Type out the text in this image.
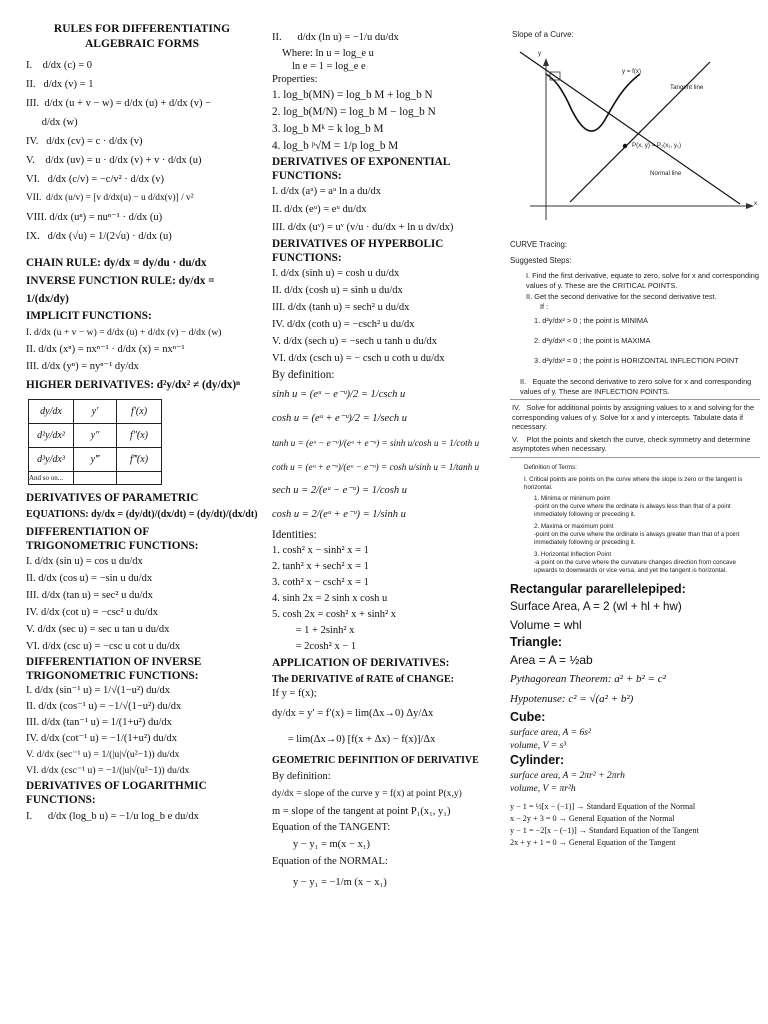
RULES FOR DIFFERENTIATING
ALGEBRAIC FORMS
I.    d/dx (c) = 0
II.   d/dx (v) = 1
III.  d/dx (u + v − w) = d/dx (u) + d/dx (v) −
d/dx (w)
IV.   d/dx (cv) = c · d/dx (v)
V.    d/dx (uv) = u · d/dx (v) + v · d/dx (u)
VI.   d/dx (c/v) = −c/v² · d/dx (v)
VII.  d/dx (u/v) = [v d/dx(u) − u d/dx(v)] / v²
VIII. d/dx (uⁿ) = nuⁿ⁻¹ · d/dx (u)
IX.   d/dx (√u) = 1/(2√u) · d/dx (u)
CHAIN RULE: dy/dx = dy/du · du/dx
INVERSE FUNCTION RULE: dy/dx = 1/(dx/dy)
IMPLICIT FUNCTIONS:
I. d/dx (u + v − w) = d/dx (u) + d/dx (v) − d/dx (w)
II. d/dx (xⁿ) = nxⁿ⁻¹ · d/dx (x) = nxⁿ⁻¹
III. d/dx (yⁿ) = nyⁿ⁻¹ dy/dx
HIGHER DERIVATIVES: d²y/dx² ≠ (dy/dx)ⁿ
dy/dx	y′	f′(x)
d²y/dx²	y″	f″(x)
d³y/dx³	y‴	f‴(x)
And so on...		
DERIVATIVES OF PARAMETRIC
EQUATIONS: dy/dx = (dy/dt)/(dx/dt) = (dy/dt)/(dx/dt)
DIFFERENTIATION OF
TRIGONOMETRIC FUNCTIONS:
I. d/dx (sin u) = cos u du/dx
II. d/dx (cos u) = −sin u du/dx
III. d/dx (tan u) = sec² u du/dx
IV. d/dx (cot u) = −csc² u du/dx
V. d/dx (sec u) = sec u tan u du/dx
VI. d/dx (csc u) = −csc u cot u du/dx
DIFFERENTIATION OF INVERSE
TRIGONOMETRIC FUNCTIONS:
I. d/dx (sin⁻¹ u) = 1/√(1−u²) du/dx
II. d/dx (cos⁻¹ u) = −1/√(1−u²) du/dx
III. d/dx (tan⁻¹ u) = 1/(1+u²) du/dx
IV. d/dx (cot⁻¹ u) = −1/(1+u²) du/dx
V. d/dx (sec⁻¹ u) = 1/(|u|√(u²−1)) du/dx
VI. d/dx (csc⁻¹ u) = −1/(|u|√(u²−1)) du/dx
DERIVATIVES OF LOGARITHMIC
FUNCTIONS:
I.      d/dx (log_b u) = −1/u log_b e du/dx
II.      d/dx (ln u) = −1/u du/dx
Where: ln u = log_e u
ln e = 1 = log_e e
Properties:
1. log_b(MN) = log_b M + log_b N
2. log_b(M/N) = log_b M − log_b N
3. log_b Mᵏ = k log_b M
4. log_b ᵖ√M = 1/p log_b M
DERIVATIVES OF EXPONENTIAL
FUNCTIONS:
I. d/dx (aᵘ) = aᵘ ln a du/dx
II. d/dx (eᵘ) = eᵘ du/dx
III. d/dx (uᵛ) = uᵛ (v/u · du/dx + ln u dv/dx)
DERIVATIVES OF HYPERBOLIC
FUNCTIONS:
I. d/dx (sinh u) = cosh u du/dx
II. d/dx (cosh u) = sinh u du/dx
III. d/dx (tanh u) = sech² u du/dx
IV. d/dx (coth u) = −csch² u du/dx
V. d/dx (sech u) = −sech u tanh u du/dx
VI. d/dx (csch u) = − csch u coth u du/dx
By definition:
sinh u = (eᵘ − e⁻ᵘ)/2 = 1/csch u
cosh u = (eᵘ + e⁻ᵘ)/2 = 1/sech u
tanh u = (eᵘ − e⁻ᵘ)/(eᵘ + e⁻ᵘ) = sinh u/cosh u = 1/coth u
coth u = (eᵘ + e⁻ᵘ)/(eᵘ − e⁻ᵘ) = cosh u/sinh u = 1/tanh u
sech u = 2/(eᵘ − e⁻ᵘ) = 1/cosh u
cosh u = 2/(eᵘ + e⁻ᵘ) = 1/sinh u
Identities:
1. cosh² x − sinh² x = 1
2. tanh² x + sech² x = 1
3. coth² x − csch² x = 1
4. sinh 2x = 2 sinh x cosh u
5. cosh 2x = cosh² x + sinh² x
= 1 + 2sinh² x
= 2cosh² x − 1
APPLICATION OF DERIVATIVES:
The DERIVATIVE of RATE of CHANGE:
If y = f(x);
dy/dx = y′ = f′(x) = lim(Δx→0) Δy/Δx
= lim(Δx→0) [f(x + Δx) − f(x)]/Δx
GEOMETRIC DEFINITION OF DERIVATIVE
By definition:
dy/dx = slope of the curve y = f(x) at point P(x,y)
m = slope of the tangent at point P₁(x₁, y₁)
Equation of the TANGENT:
y − y₁ = m(x − x₁)
Equation of the NORMAL:
y − y₁ = −1/m (x − x₁)
Slope of a Curve:
y
x
y = f(x)
Tangent line
P(x, y) = P₁(x₁, y₁)
Normal line
CURVE Tracing:
Suggested Steps:
I. Find the first derivative, equate to zero, solve for x and corresponding values of y. These are the CRITICAL POINTS.
II. Get the second derivative for the second derivative test.
If :
1. d²y/dx² > 0 ; the point is MINIMA
2. d²y/dx² < 0 ; the point is MAXIMA
3. d²y/dx² = 0 ; the point is HORIZONTAL INFLECTION POINT
II.   Equate the second derivative to zero solve for x and corresponding values of y. These are INFLECTION POINTS.
IV.   Solve for additional points by assigning values to x and solving for the corresponding values of y. Solve for x and y intercepts. Tabulate data if necessary.
V.    Plot the points and sketch the curve, check symmetry and determine asymptotes when necessary.
Definition of Terms:
I. Critical points are points on the curve where the slope is zero or the tangent is horizontal.
1. Minima or minimum point
-point on the curve where the ordinate is always less than that of a point immediately following or preceding it.
2. Maxima or maximum point
-point on the curve where the ordinate is always greater than that of a point immediately following or preceding it.
3. Horizontal Inflection Point
-a point on the curve where the curvature changes direction from concave upwards to downwards or vice versa, and yet the tangent is horizontal.
Rectangular pararellelepiped:
Surface Area, A = 2 (wl + hl + hw)
Volume = whl
Triangle:
Area = A = ½ab
Pythagorean Theorem: a² + b² = c²
Hypotenuse: c² = √(a² + b²)
Cube:
surface area, A = 6s²
volume, V = s³
Cylinder:
surface area, A = 2πr² + 2πrh
volume, V = πr²h
y − 1 = ½[x − (−1)] → Standard Equation of the Normal
x − 2y + 3 = 0 → General Equation of the Normal
y − 1 = −2[x − (−1)] → Standard Equation of the Tangent
2x + y + 1 = 0 → General Equation of the Tangent
